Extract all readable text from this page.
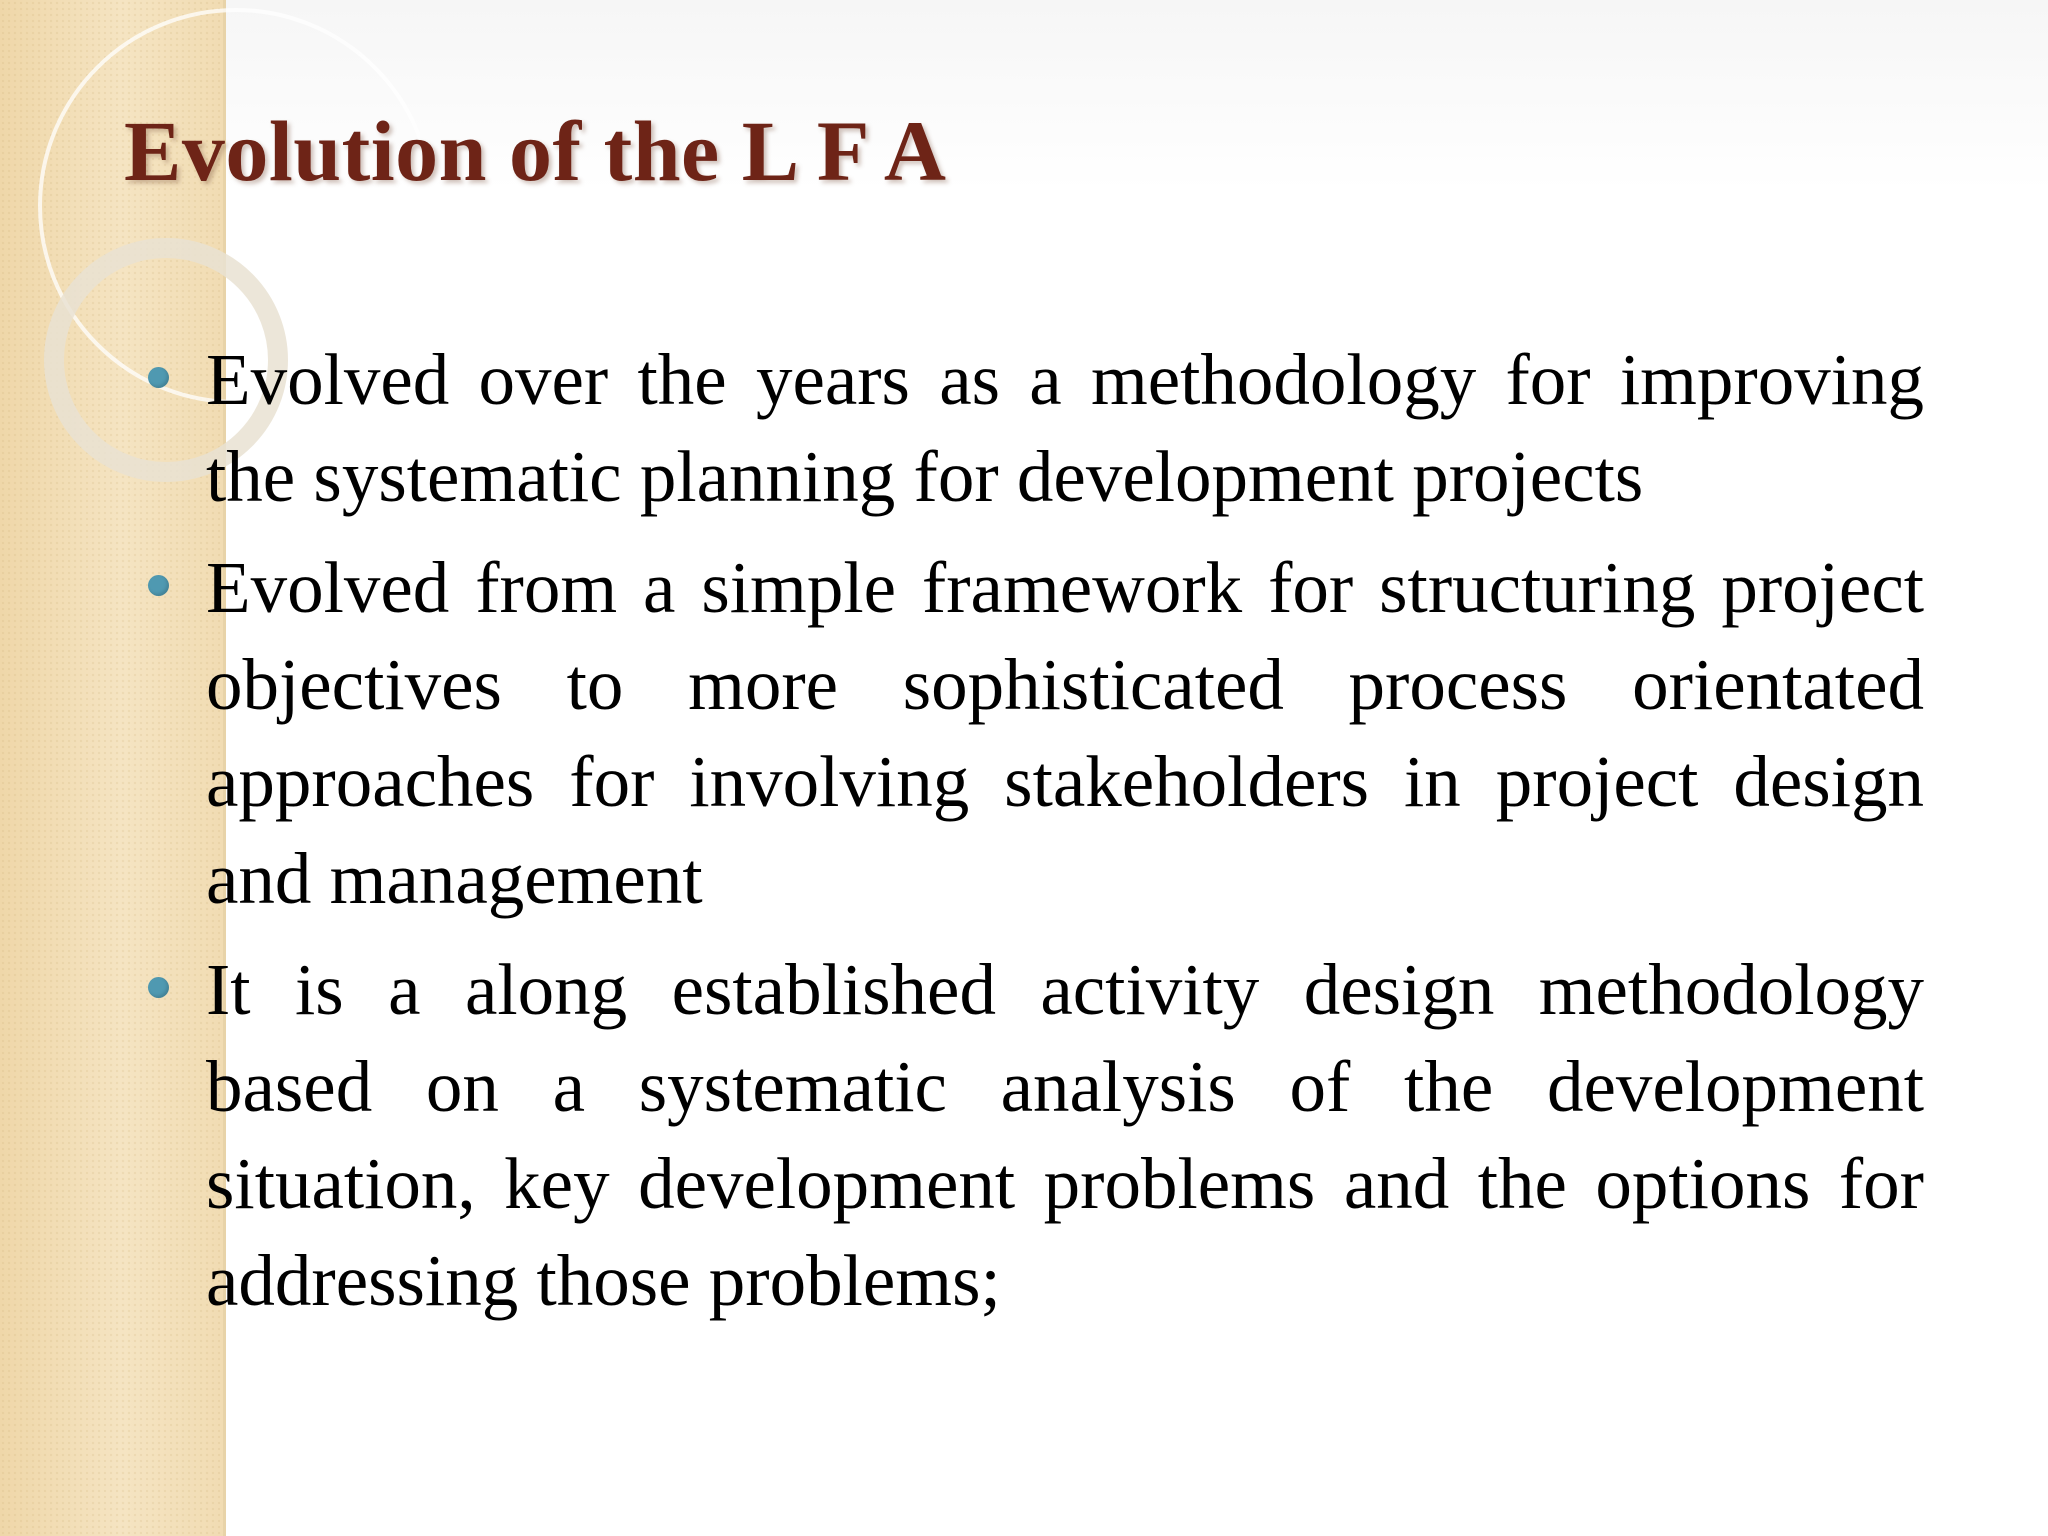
Evolution of the L F A
Evolved over the years as a methodology for improving the systematic planning for development projects
Evolved from a simple framework for structuring project objectives to more sophisticated process orientated approaches for involving stakeholders in project design and management
It is a along established activity design methodology based on a systematic analysis of the development situation, key development problems and the options for addressing those problems;
